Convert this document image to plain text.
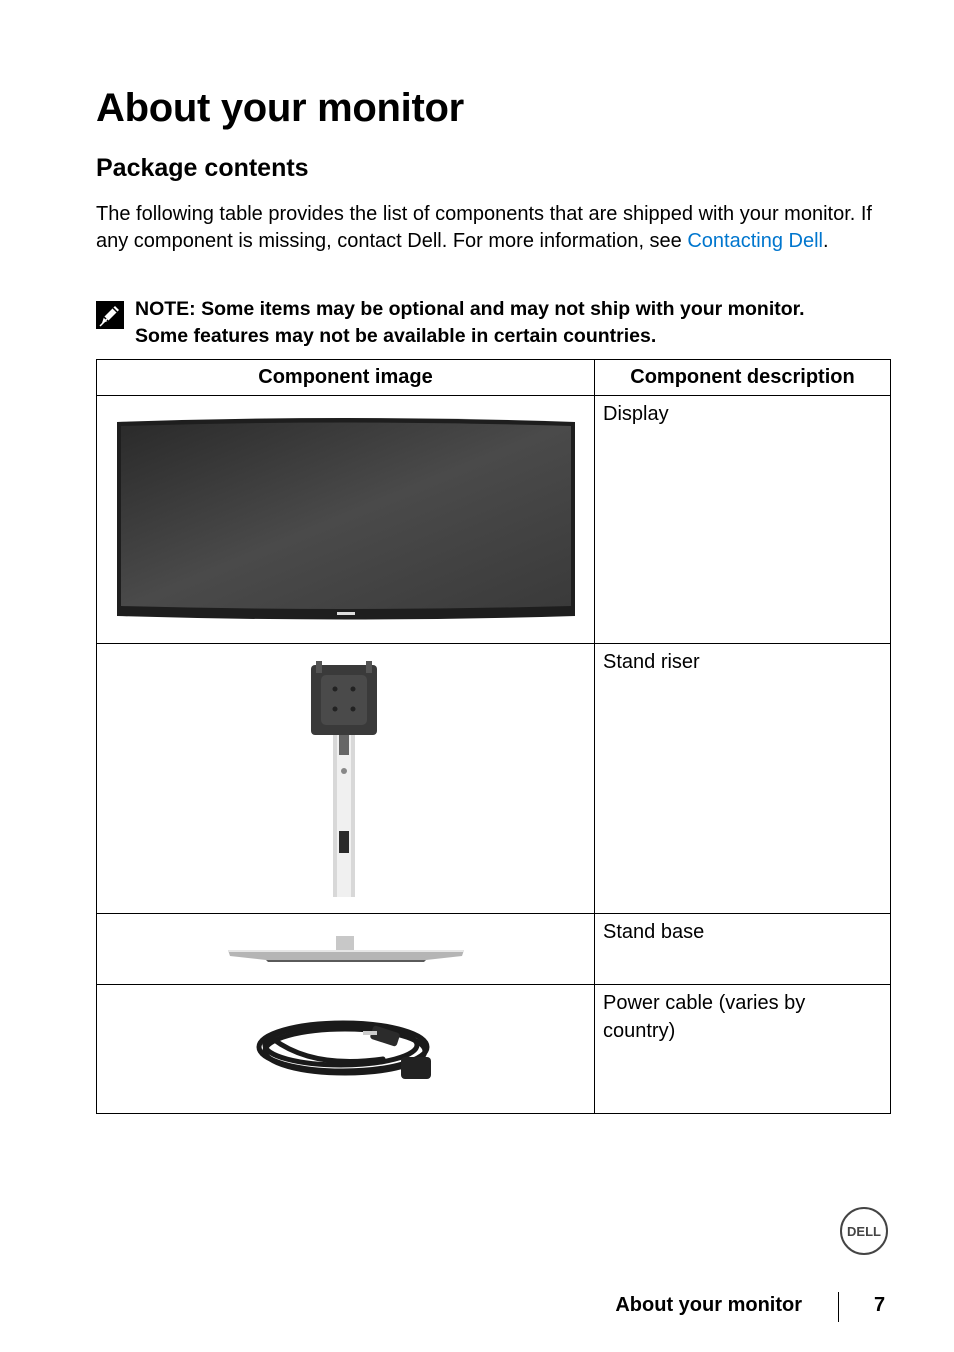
About your monitor
Package contents

The following table provides the list of components that are shipped with your monitor. If any component is missing, contact Dell. For more information, see Contacting Dell.

NOTE: Some items may be optional and may not ship with your monitor.
Some features may not be available in certain countries.
Component image	Component description

	Display

	Stand riser

	Stand base

	Power cable (varies by country)
DELL
About your monitor	7
